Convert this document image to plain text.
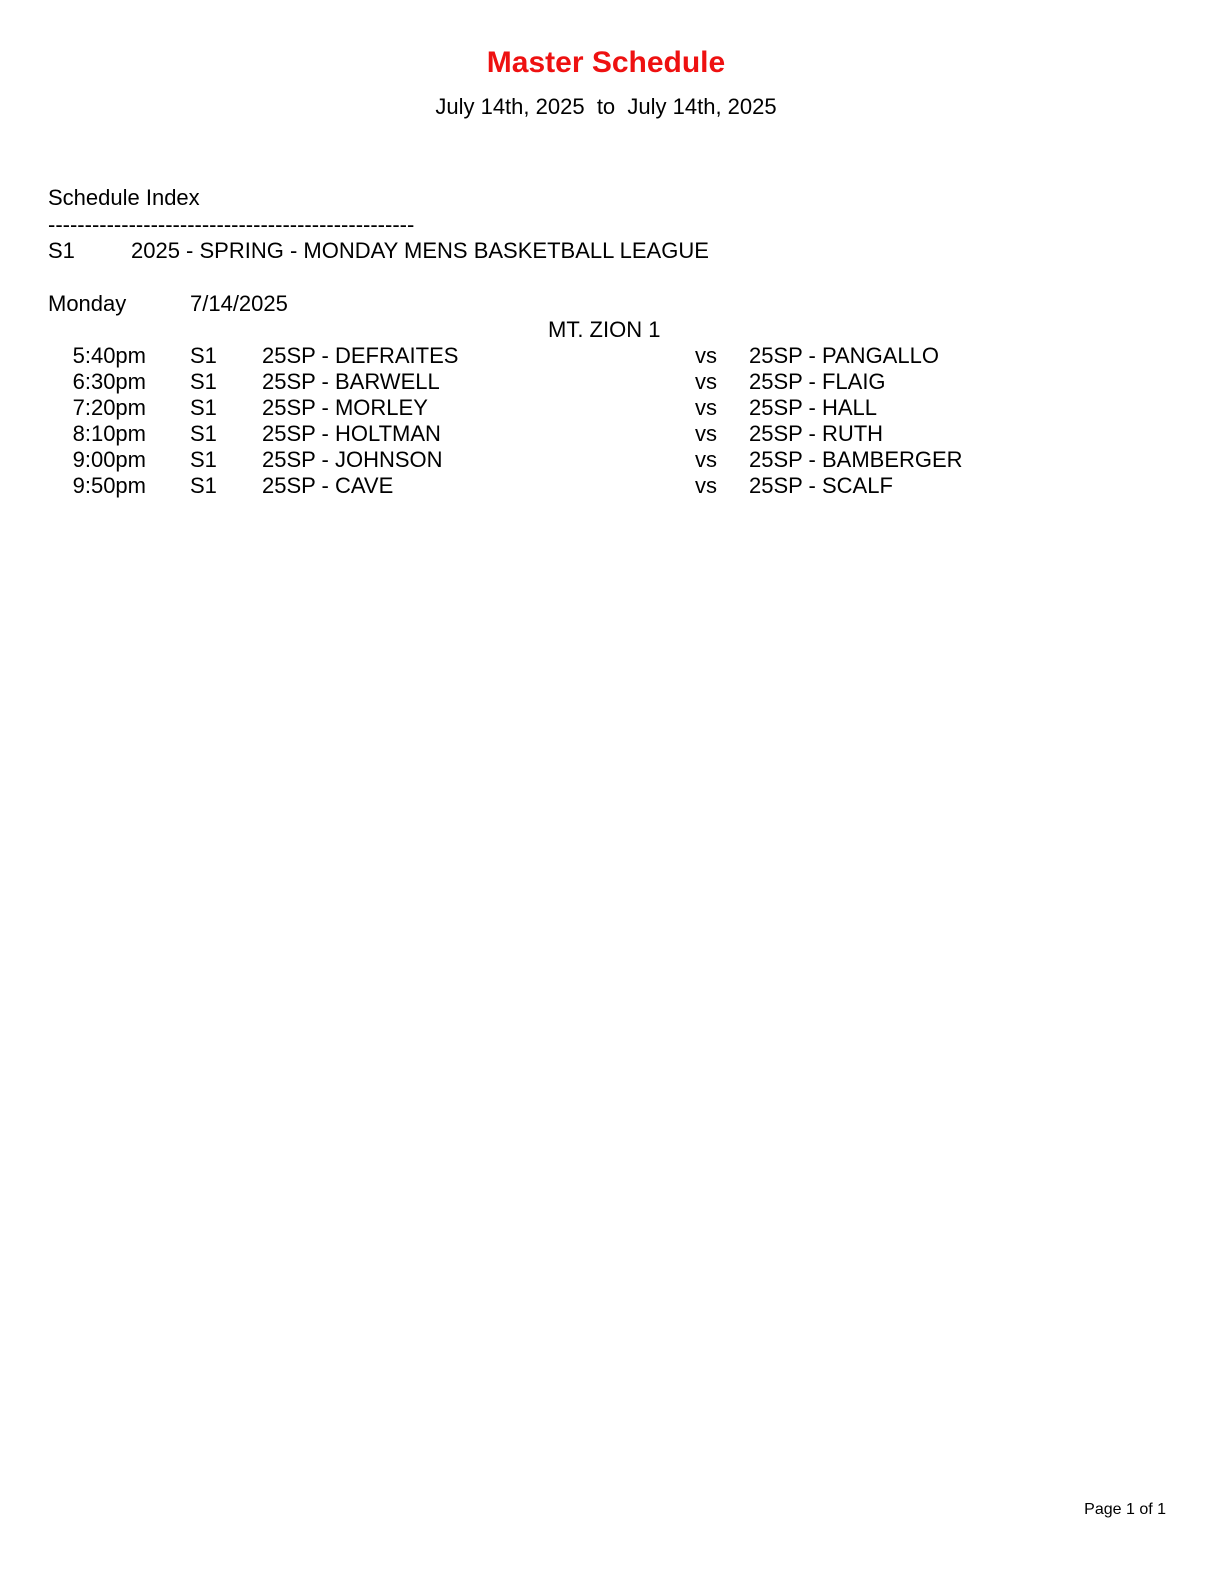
Master Schedule
July 14th, 2025 to July 14th, 2025
Schedule Index
--------------------------------------------------
S1	2025 - SPRING - MONDAY MENS BASKETBALL LEAGUE
Monday	7/14/2025
MT. ZION 1
5:40pm S1 25SP - DEFRAITES	vs 25SP - PANGALLO
6:30pm S1 25SP - BARWELL	vs 25SP - FLAIG
7:20pm S1 25SP - MORLEY	vs 25SP - HALL
8:10pm S1 25SP - HOLTMAN	vs 25SP - RUTH
9:00pm S1 25SP - JOHNSON	vs 25SP - BAMBERGER
9:50pm S1 25SP - CAVE	vs 25SP - SCALF
Page 1 of 1
